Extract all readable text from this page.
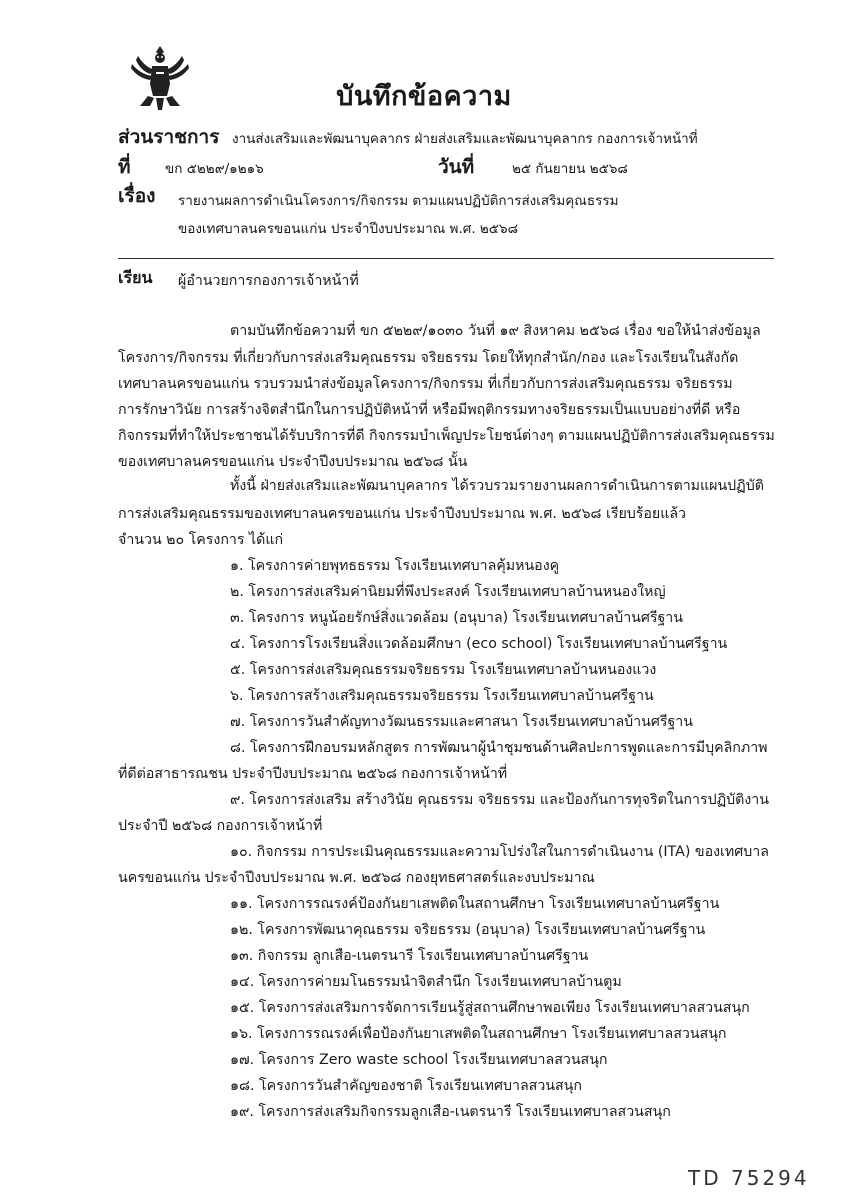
บันทึกข้อความ
ส่วนราชการ งานส่งเสริมและพัฒนาบุคลากร ฝ่ายส่งเสริมและพัฒนาบุคลากร กองการเจ้าหน้าที่
ที่	ขก ๕๒๒๙/๑๒๑๖	วันที่	๒๕ กันยายน ๒๕๖๘
เรื่อง รายงานผลการดำเนินโครงการ/กิจกรรม ตามแผนปฏิบัติการส่งเสริมคุณธรรม
ของเทศบาลนครขอนแก่น ประจำปีงบประมาณ พ.ศ. ๒๕๖๘
เรียน ผู้อำนวยการกองการเจ้าหน้าที่
ตามบันทึกข้อความที่ ขก ๕๒๒๙/๑๐๓๐ วันที่ ๑๙ สิงหาคม ๒๕๖๘ เรื่อง ขอให้นำส่งข้อมูล
โครงการ/กิจกรรม ที่เกี่ยวกับการส่งเสริมคุณธรรม จริยธรรม โดยให้ทุกสำนัก/กอง และโรงเรียนในสังกัด
เทศบาลนครขอนแก่น รวบรวมนำส่งข้อมูลโครงการ/กิจกรรม ที่เกี่ยวกับการส่งเสริมคุณธรรม จริยธรรม
การรักษาวินัย การสร้างจิตสำนึกในการปฏิบัติหน้าที่ หรือมีพฤติกรรมทางจริยธรรมเป็นแบบอย่างที่ดี หรือ
กิจกรรมที่ทำให้ประชาชนได้รับบริการที่ดี กิจกรรมบำเพ็ญประโยชน์ต่างๆ ตามแผนปฏิบัติการส่งเสริมคุณธรรม
ของเทศบาลนครขอนแก่น ประจำปีงบประมาณ ๒๕๖๘ นั้น
ทั้งนี้ ฝ่ายส่งเสริมและพัฒนาบุคลากร ได้รวบรวมรายงานผลการดำเนินการตามแผนปฏิบัติ
การส่งเสริมคุณธรรมของเทศบาลนครขอนแก่น ประจำปีงบประมาณ พ.ศ. ๒๕๖๘ เรียบร้อยแล้ว
จำนวน ๒๐ โครงการ ได้แก่
๑. โครงการค่ายพุทธธรรม โรงเรียนเทศบาลคุ้มหนองคู
๒. โครงการส่งเสริมค่านิยมที่พึงประสงค์ โรงเรียนเทศบาลบ้านหนองใหญ่
๓. โครงการ หนูน้อยรักษ์สิ่งแวดล้อม (อนุบาล) โรงเรียนเทศบาลบ้านศรีฐาน
๔. โครงการโรงเรียนสิ่งแวดล้อมศึกษา (eco school) โรงเรียนเทศบาลบ้านศรีฐาน
๕. โครงการส่งเสริมคุณธรรมจริยธรรม โรงเรียนเทศบาลบ้านหนองแวง
๖. โครงการสร้างเสริมคุณธรรมจริยธรรม โรงเรียนเทศบาลบ้านศรีฐาน
๗. โครงการวันสำคัญทางวัฒนธรรมและศาสนา โรงเรียนเทศบาลบ้านศรีฐาน
๘. โครงการฝึกอบรมหลักสูตร การพัฒนาผู้นำชุมชนด้านศิลปะการพูดและการมีบุคลิกภาพ
ที่ดีต่อสาธารณชน ประจำปีงบประมาณ ๒๕๖๘ กองการเจ้าหน้าที่
๙. โครงการส่งเสริม สร้างวินัย คุณธรรม จริยธรรม และป้องกันการทุจริตในการปฏิบัติงาน
ประจำปี ๒๕๖๘ กองการเจ้าหน้าที่
๑๐. กิจกรรม การประเมินคุณธรรมและความโปร่งใสในการดำเนินงาน (ITA) ของเทศบาล
นครขอนแก่น ประจำปีงบประมาณ พ.ศ. ๒๕๖๘ กองยุทธศาสตร์และงบประมาณ
๑๑. โครงการรณรงค์ป้องกันยาเสพติดในสถานศึกษา โรงเรียนเทศบาลบ้านศรีฐาน
๑๒. โครงการพัฒนาคุณธรรม จริยธรรม (อนุบาล) โรงเรียนเทศบาลบ้านศรีฐาน
๑๓. กิจกรรม ลูกเสือ-เนตรนารี โรงเรียนเทศบาลบ้านศรีฐาน
๑๔. โครงการค่ายมโนธรรมนำจิตสำนึก โรงเรียนเทศบาลบ้านตูม
๑๕. โครงการส่งเสริมการจัดการเรียนรู้สู่สถานศึกษาพอเพียง โรงเรียนเทศบาลสวนสนุก
๑๖. โครงการรณรงค์เพื่อป้องกันยาเสพติดในสถานศึกษา โรงเรียนเทศบาลสวนสนุก
๑๗. โครงการ Zero waste school โรงเรียนเทศบาลสวนสนุก
๑๘. โครงการวันสำคัญของชาติ โรงเรียนเทศบาลสวนสนุก
๑๙. โครงการส่งเสริมกิจกรรมลูกเสือ-เนตรนารี โรงเรียนเทศบาลสวนสนุก
TD 75294
